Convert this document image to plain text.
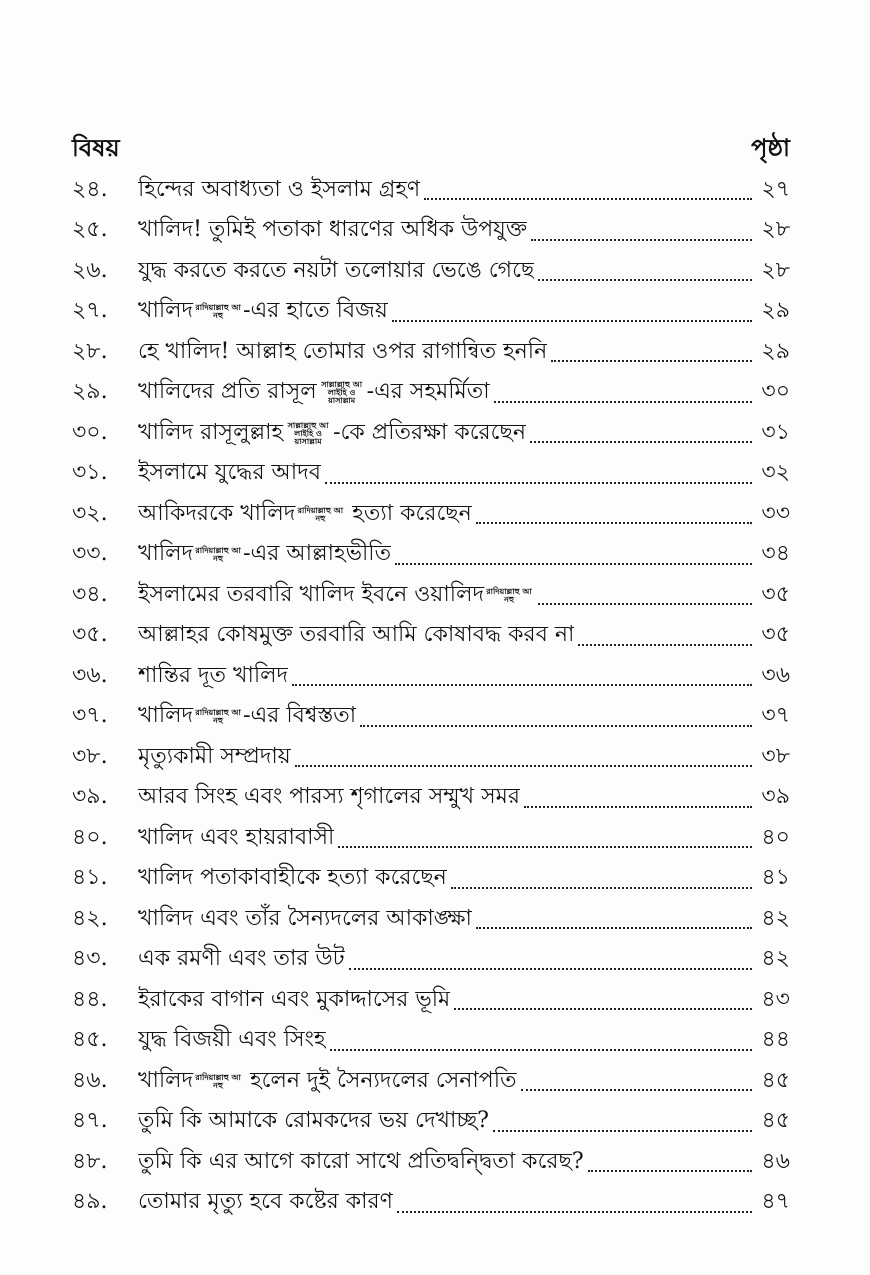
বিষয়	পৃষ্ঠা
২৪.	হিন্দের অবাধ্যতা ও ইসলাম গ্রহণ	২৭
২৫.	খালিদ! তুমিই পতাকা ধারণের অধিক উপযুক্ত	২৮
২৬.	যুদ্ধ করতে করতে নয়টা তলোয়ার ভেঙে গেছে	২৮
২৭.	খালিদ রাদিয়াল্লাহু আনহু -এর হাতে বিজয়	২৯
২৮.	হে খালিদ! আল্লাহ তোমার ওপর রাগান্বিত হননি	২৯
২৯.	খালিদের প্রতি রাসূল সাল্লাল্লাহু আলাইহি ওয়াসাল্লাম -এর সহমর্মিতা	৩০
৩০.	খালিদ রাসূলুল্লাহ সাল্লাল্লাহু আলাইহি ওয়াসাল্লাম -কে প্রতিরক্ষা করেছেন	৩১
৩১.	ইসলামে যুদ্ধের আদব	৩২
৩২.	আকিদরকে খালিদ রাদিয়াল্লাহু আনহু হত্যা করেছেন	৩৩
৩৩.	খালিদ রাদিয়াল্লাহু আনহু -এর আল্লাহভীতি	৩৪
৩৪.	ইসলামের তরবারি খালিদ ইবনে ওয়ালিদ রাদিয়াল্লাহু আনহু	৩৫
৩৫.	আল্লাহর কোষমুক্ত তরবারি আমি কোষাবদ্ধ করব না	৩৫
৩৬.	শান্তির দূত খালিদ	৩৬
৩৭.	খালিদ রাদিয়াল্লাহু আনহু -এর বিশ্বস্ততা	৩৭
৩৮.	মৃত্যুকামী সম্প্রদায়	৩৮
৩৯.	আরব সিংহ এবং পারস্য শৃগালের সম্মুখ সমর	৩৯
৪০.	খালিদ এবং হায়রাবাসী	৪০
৪১.	খালিদ পতাকাবাহীকে হত্যা করেছেন	৪১
৪২.	খালিদ এবং তাঁর সৈন্যদলের আকাঙ্ক্ষা	৪২
৪৩.	এক রমণী এবং তার উট	৪২
৪৪.	ইরাকের বাগান এবং মুকাদ্দাসের ভূমি	৪৩
৪৫.	যুদ্ধ বিজয়ী এবং সিংহ	৪৪
৪৬.	খালিদ রাদিয়াল্লাহু আনহু হলেন দুই সৈন্যদলের সেনাপতি	৪৫
৪৭.	তুমি কি আমাকে রোমকদের ভয় দেখাচ্ছ?	৪৫
৪৮.	তুমি কি এর আগে কারো সাথে প্রতিদ্বন্দ্বিতা করেছ?	৪৬
৪৯.	তোমার মৃত্যু হবে কষ্টের কারণ	৪৭
